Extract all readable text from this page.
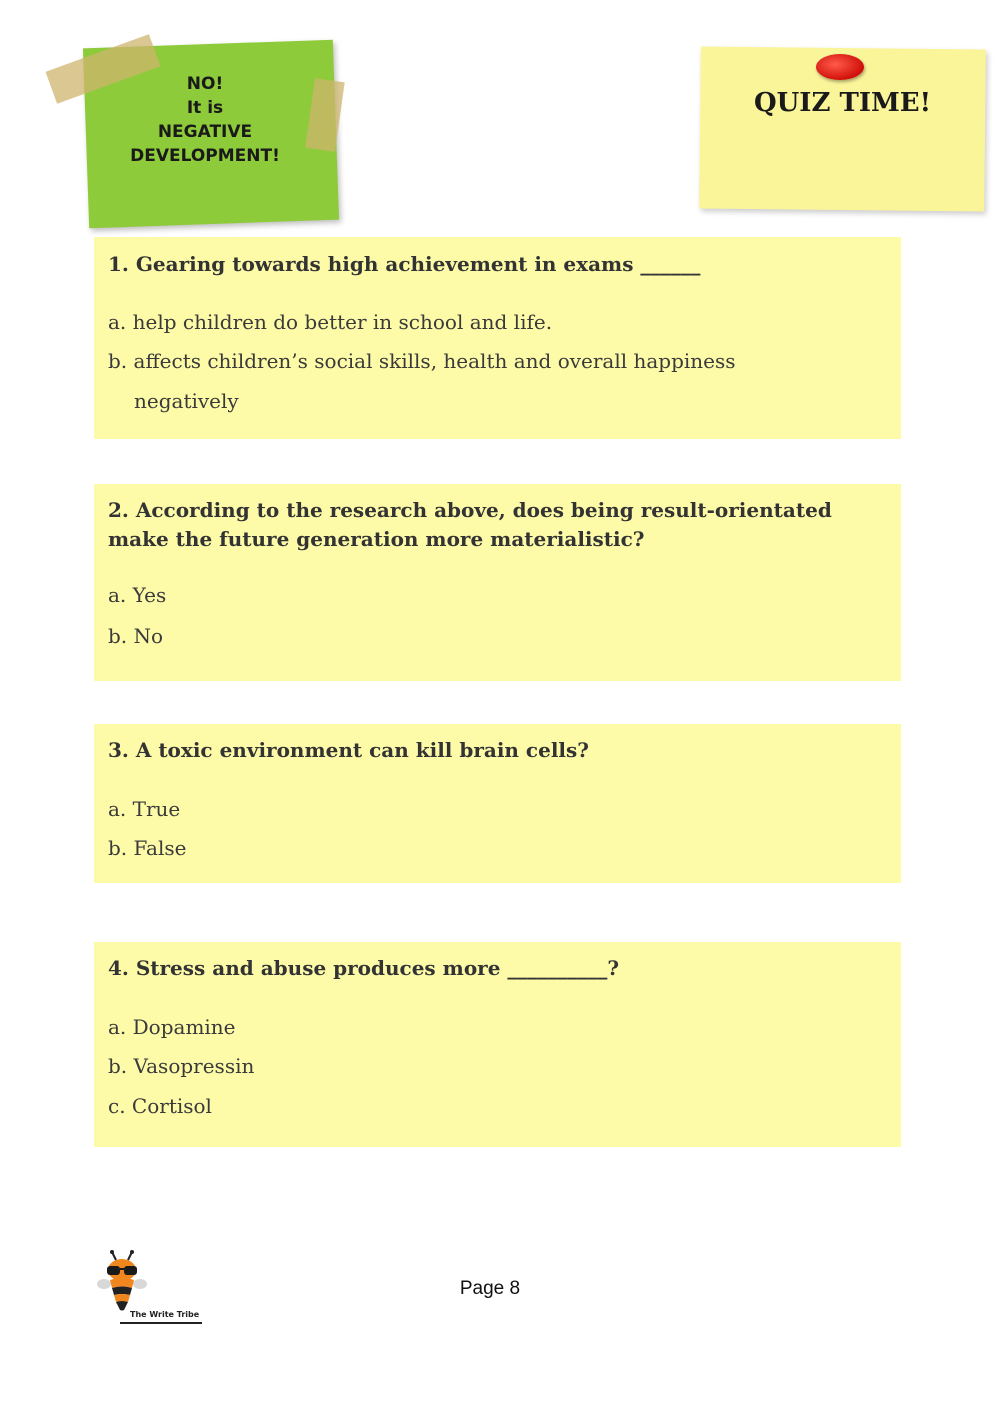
NO!
It is
NEGATIVE
DEVELOPMENT!
QUIZ TIME!
1. Gearing towards high achievement in exams ______
a. help children do better in school and life.
b. affects children’s social skills, health and overall happiness
negatively
2. According to the research above, does being result-orientated make the future generation more materialistic?
a. Yes
b. No
3. A toxic environment can kill brain cells?
a. True
b. False
4. Stress and abuse produces more __________?
a. Dopamine
b. Vasopressin
c. Cortisol
The Write Tribe
Page 8
